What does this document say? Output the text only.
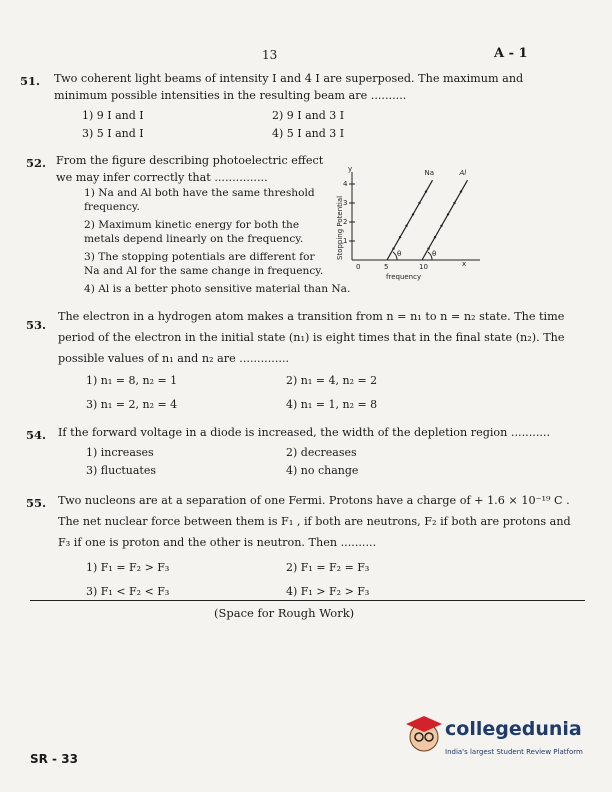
13	A - 1
51. Two coherent light beams of intensity I and 4 I are superposed. The maximum and minimum possible intensities in the resulting beam are ..........
1) 9 I and I	2) 9 I and 3 I
3) 5 I and I	4) 5 I and 3 I
52. From the figure describing photoelectric effect we may infer correctly that ...............
1) Na and Al both have the same threshold frequency.
2) Maximum kinetic energy for both the metals depend linearly on the frequency.
3) The stopping potentials are different for Na and Al for the same change in frequency.
4) Al is a better photo sensitive material than Na.
y
Stopping Potential
0	x
frequency
1
2
3
4
5	10
θ
Na
θ
Al
53.
The electron in a hydrogen atom makes a transition from n = n₁ to n = n₂ state. The time period of the electron in the initial state (n₁) is eight times that in the final state (n₂). The possible values of n₁ and n₂ are ..............
1) n₁ = 8, n₂ = 1	2) n₁ = 4, n₂ = 2
3) n₁ = 2, n₂ = 4	4) n₁ = 1, n₂ = 8
54. If the forward voltage in a diode is increased, the width of the depletion region ...........
1) increases	2) decreases
3) fluctuates	4) no change
55. Two nucleons are at a separation of one Fermi. Protons have a charge of + 1.6 × 10⁻¹⁹ C . The net nuclear force between them is F₁ , if both are neutrons, F₂ if both are protons and F₃ if one is proton and the other is neutron. Then ..........
1) F₁ = F₂ > F₃	2) F₁ = F₂ = F₃
3) F₁ < F₂ < F₃	4) F₁ > F₂ > F₃
(Space for Rough Work)
SR - 33
collegedunia
India's largest Student Review Platform
